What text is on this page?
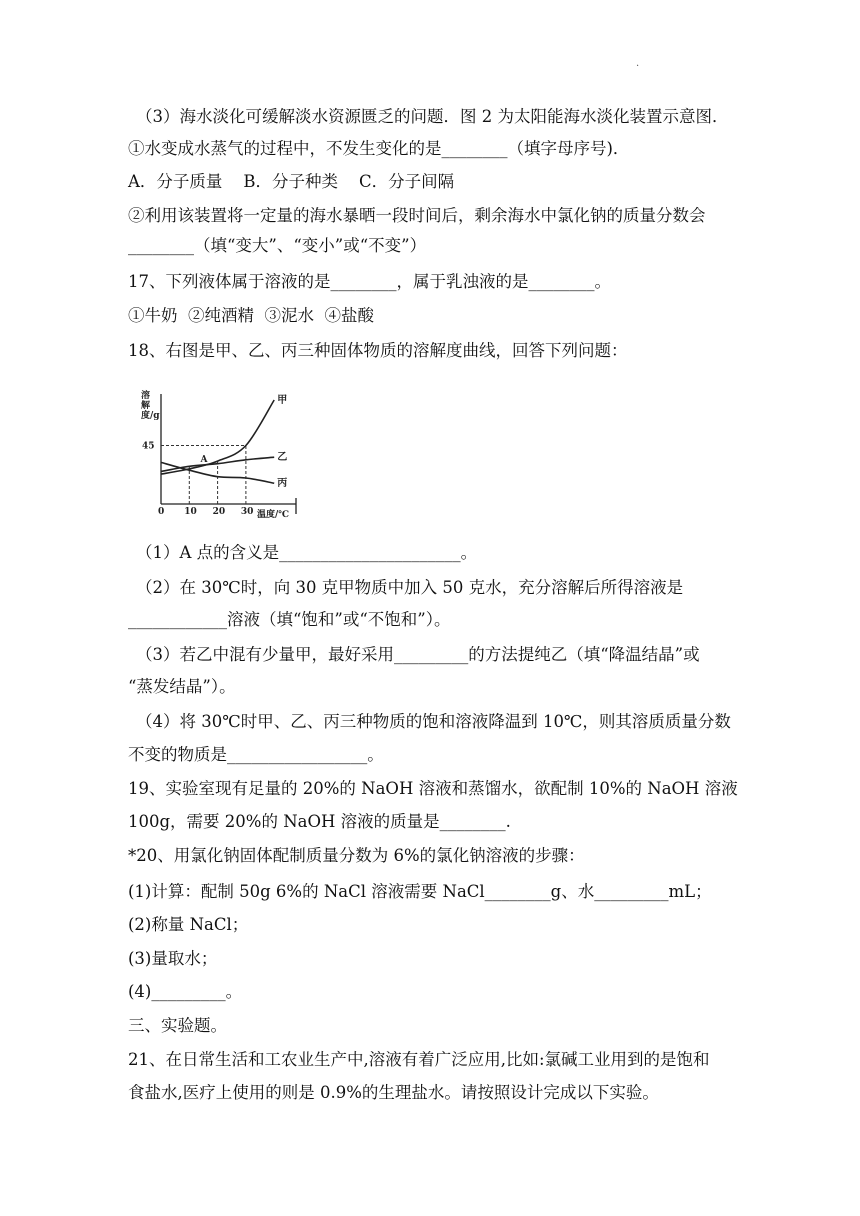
.
（3）海水淡化可缓解淡水资源匮乏的问题．图 2 为太阳能海水淡化装置示意图．
①水变成水蒸气的过程中，不发生变化的是________（填字母序号)．
A．分子质量    B．分子种类    C．分子间隔
②利用该装置将一定量的海水暴晒一段时间后，剩余海水中氯化钠的质量分数会
________（填“变大”、“变小”或“不变”）
17、下列液体属于溶液的是________，属于乳浊液的是________。
①牛奶  ②纯酒精  ③泥水  ④盐酸
18、右图是甲、乙、丙三种固体物质的溶解度曲线，回答下列问题：
（1）A 点的含义是______________________。
（2）在 30℃时，向 30 克甲物质中加入 50 克水，充分溶解后所得溶液是
____________溶液（填“饱和”或“不饱和”）。
（3）若乙中混有少量甲，最好采用_________的方法提纯乙（填“降温结晶”或
“蒸发结晶”）。
（4）将 30℃时甲、乙、丙三种物质的饱和溶液降温到 10℃，则其溶质质量分数
不变的物质是_________________。
19、实验室现有足量的 20%的 NaOH 溶液和蒸馏水，欲配制 10%的 NaOH 溶液
100g，需要 20%的 NaOH 溶液的质量是________.
*20、用氯化钠固体配制质量分数为 6%的氯化钠溶液的步骤：
(1)计算：配制 50g 6%的 NaCl 溶液需要 NaCl________g、水_________mL；
(2)称量 NaCl；
(3)量取水；
(4)_________。
三、实验题。
21、在日常生活和工农业生产中,溶液有着广泛应用,比如:氯碱工业用到的是饱和
食盐水,医疗上使用的则是 0.9%的生理盐水。请按照设计完成以下实验。
溶解度/g
温度/℃
0 10 20 30
45
甲
乙
丙
A
